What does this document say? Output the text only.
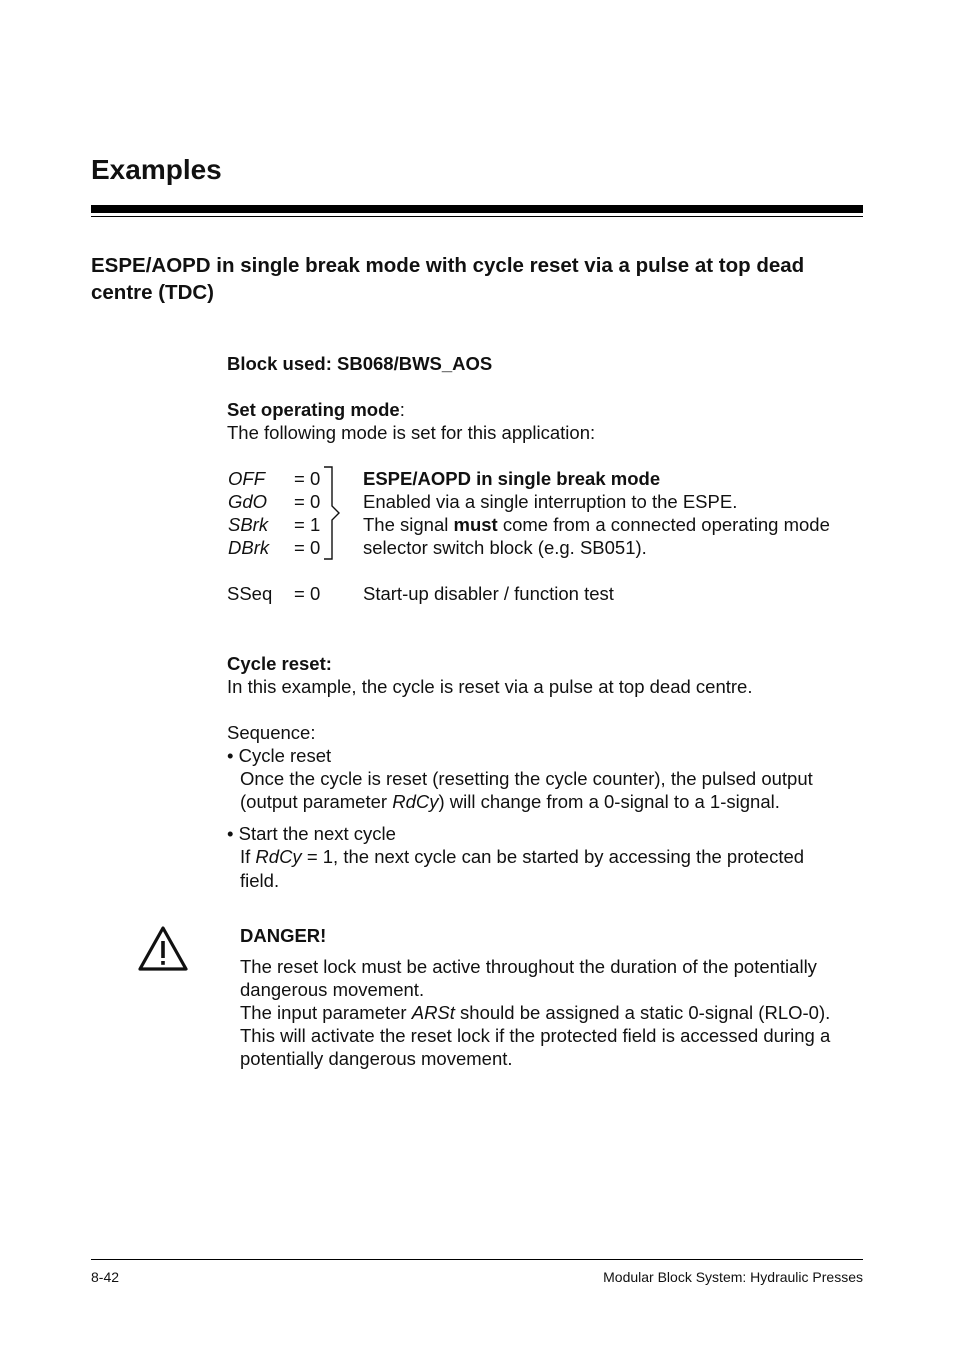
Examples
ESPE/AOPD in single break mode with cycle reset via a pulse at top dead centre (TDC)
Block used: SB068/BWS_AOS
Set operating mode:
The following mode is set for this application:
OFF = 0
GdO = 0
SBrk = 1
DBrk = 0
ESPE/AOPD in single break mode
Enabled via a single interruption to the ESPE.
The signal must come from a connected operating mode
selector switch block (e.g. SB051).
SSeq = 0 Start-up disabler / function test
Cycle reset:
In this example, the cycle is reset via a pulse at top dead centre.
Sequence:
• Cycle reset
Once the cycle is reset (resetting the cycle counter), the pulsed output
(output parameter RdCy) will change from a 0-signal to a 1-signal.
• Start the next cycle
If RdCy = 1, the next cycle can be started by accessing the protected
field.
DANGER!
The reset lock must be active throughout the duration of the potentially
dangerous movement.
The input parameter ARSt should be assigned a static 0-signal (RLO-0).
This will activate the reset lock if the protected field is accessed during a
potentially dangerous movement.
8-42	Modular Block System: Hydraulic Presses
